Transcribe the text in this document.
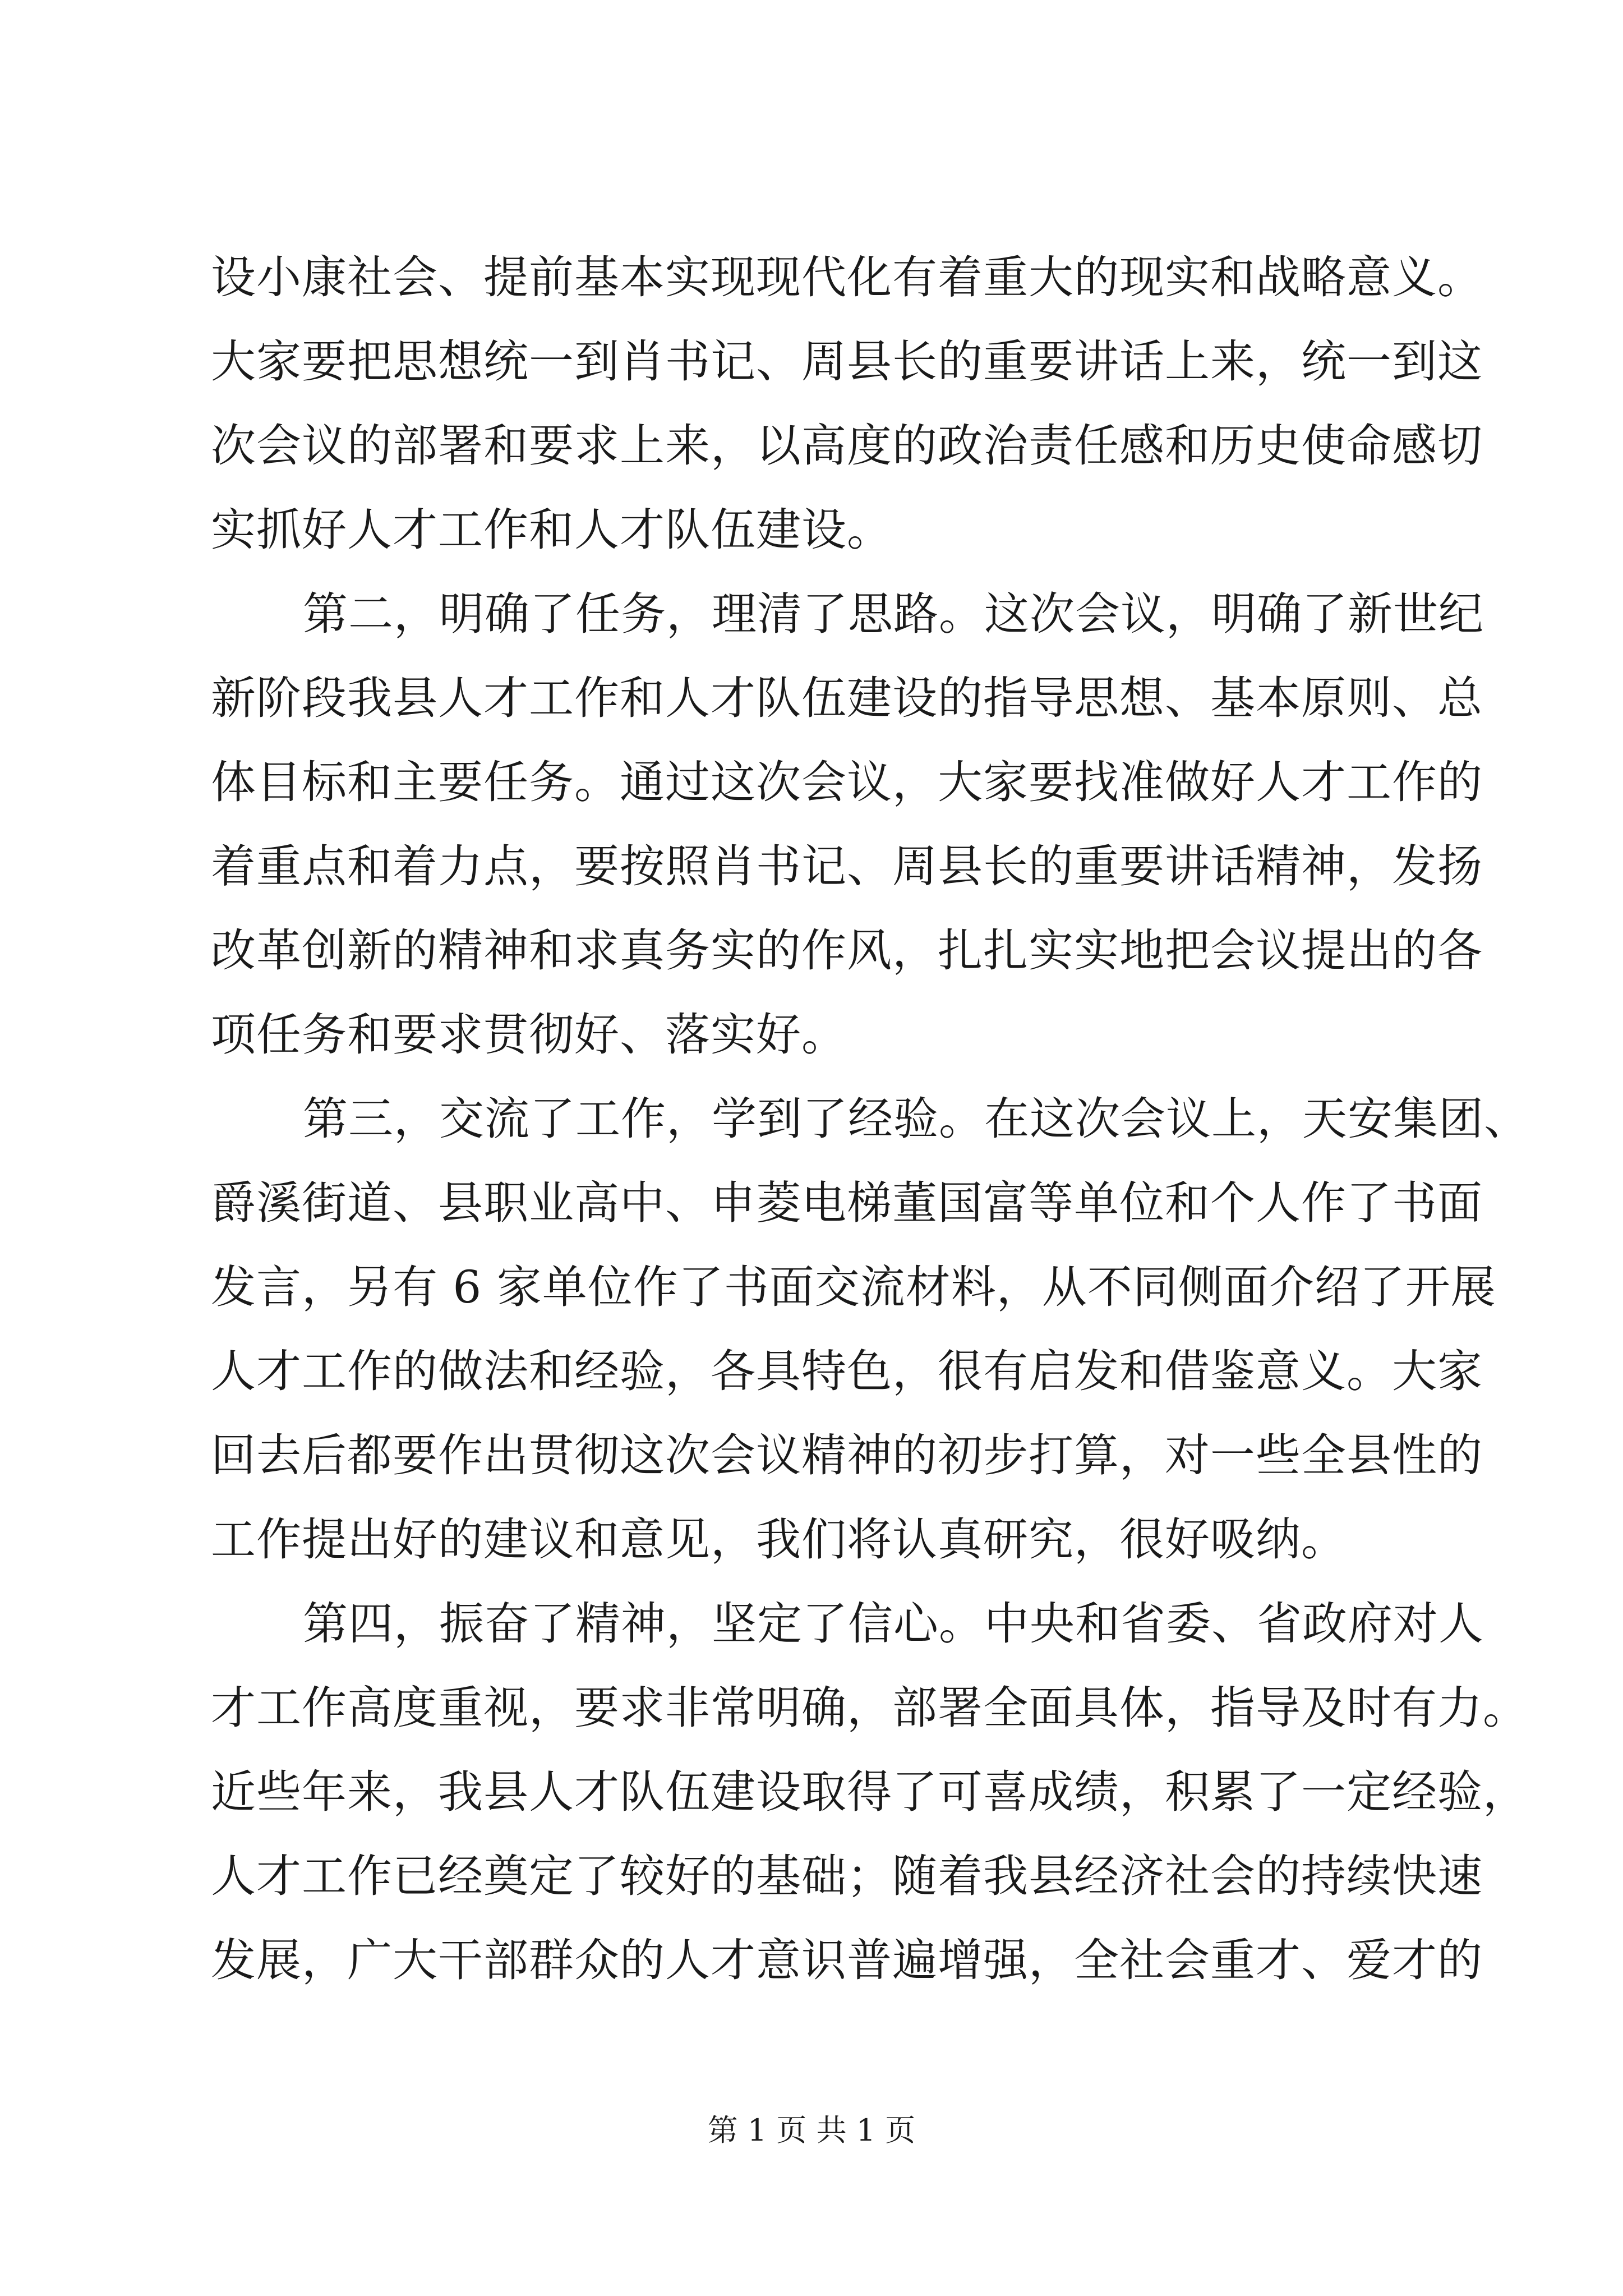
设小康社会、提前基本实现现代化有着重大的现实和战略意义。
大家要把思想统一到肖书记、周县长的重要讲话上来，统一到这
次会议的部署和要求上来，以高度的政治责任感和历史使命感切
实抓好人才工作和人才队伍建设。
第二，明确了任务，理清了思路。这次会议，明确了新世纪
新阶段我县人才工作和人才队伍建设的指导思想、基本原则、总
体目标和主要任务。通过这次会议，大家要找准做好人才工作的
着重点和着力点，要按照肖书记、周县长的重要讲话精神，发扬
改革创新的精神和求真务实的作风，扎扎实实地把会议提出的各
项任务和要求贯彻好、落实好。
第三，交流了工作，学到了经验。在这次会议上，天安集团、
爵溪街道、县职业高中、申菱电梯董国富等单位和个人作了书面
发言，另有 6 家单位作了书面交流材料，从不同侧面介绍了开展
人才工作的做法和经验，各具特色，很有启发和借鉴意义。大家
回去后都要作出贯彻这次会议精神的初步打算，对一些全县性的
工作提出好的建议和意见，我们将认真研究，很好吸纳。
第四，振奋了精神，坚定了信心。中央和省委、省政府对人
才工作高度重视，要求非常明确，部署全面具体，指导及时有力。
近些年来，我县人才队伍建设取得了可喜成绩，积累了一定经验，
人才工作已经奠定了较好的基础；随着我县经济社会的持续快速
发展，广大干部群众的人才意识普遍增强，全社会重才、爱才的
第 1 页 共 1 页
